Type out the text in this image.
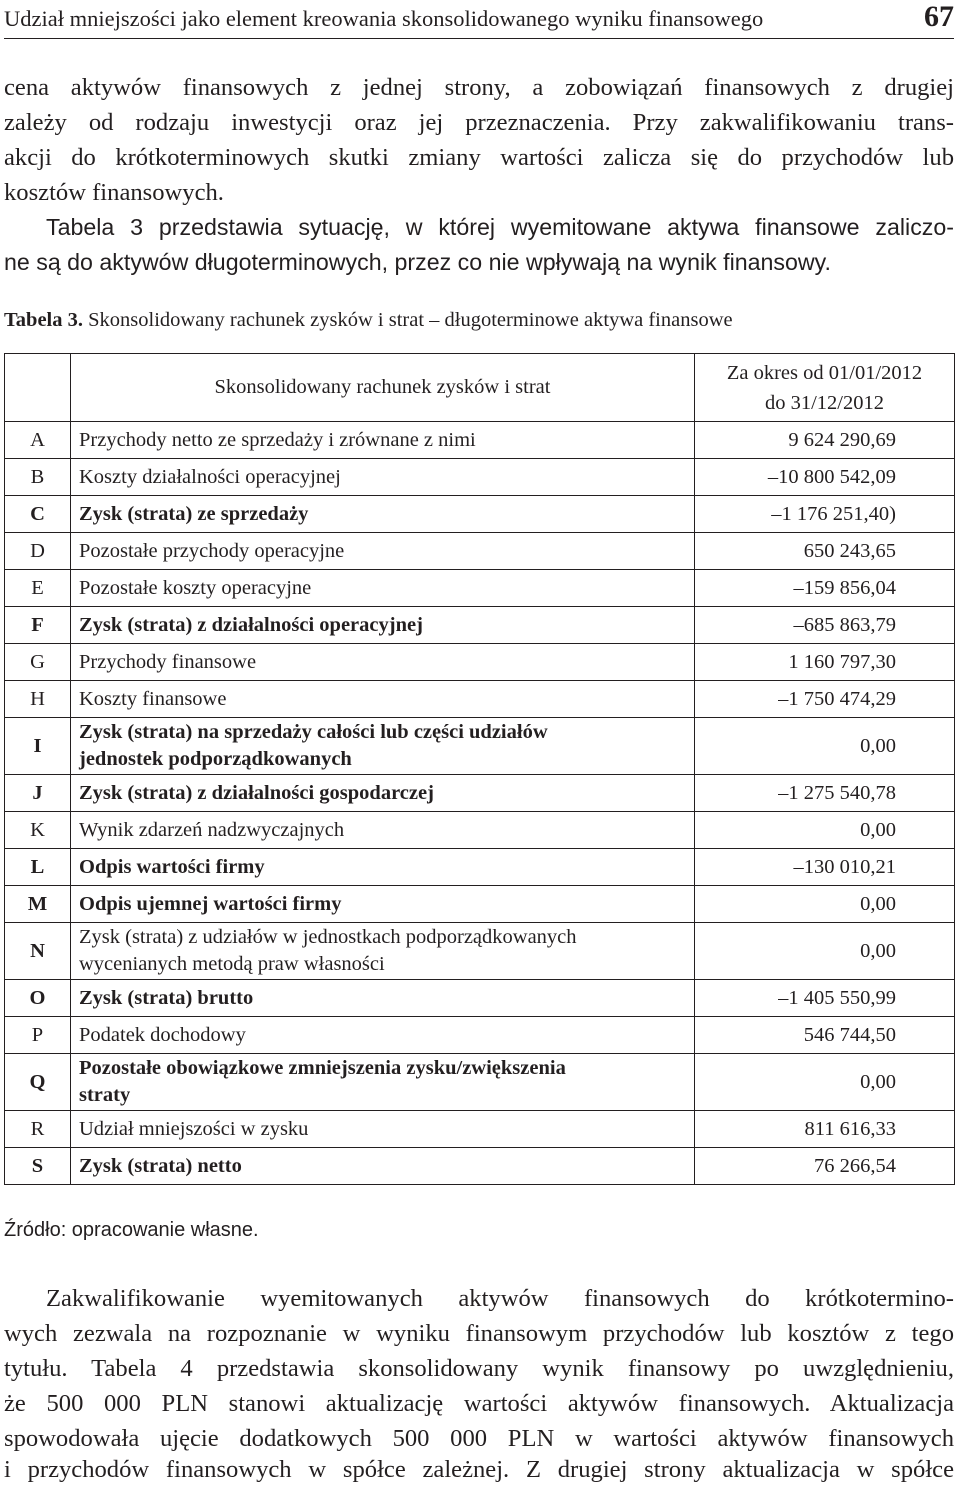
Udział mniejszości jako element kreowania skonsolidowanego wyniku finansowego	67
cena aktywów finansowych z jednej strony, a zobowiązań finansowych z drugiej
zależy od rodzaju inwestycji oraz jej przeznaczenia. Przy zakwalifikowaniu trans-
akcji do krótkoterminowych skutki zmiany wartości zalicza się do przychodów lub
kosztów finansowych.
Tabela 3 przedstawia sytuację, w której wyemitowane aktywa finansowe zaliczo-
ne są do aktywów długoterminowych, przez co nie wpływają na wynik finansowy.
Tabela 3. Skonsolidowany rachunek zysków i strat – długoterminowe aktywa finansowe
	Skonsolidowany rachunek zysków i strat	Za okres od 01/01/2012
do 31/12/2012

A	Przychody netto ze sprzedaży i zrównane z nimi	9 624 290,69
B	Koszty działalności operacyjnej	–10 800 542,09
C	Zysk (strata) ze sprzedaży	–1 176 251,40)
D	Pozostałe przychody operacyjne	650 243,65
E	Pozostałe koszty operacyjne	–159 856,04
F	Zysk (strata) z działalności operacyjnej	–685 863,79
G	Przychody finansowe	1 160 797,30
H	Koszty finansowe	–1 750 474,29
I	Zysk (strata) na sprzedaży całości lub części udziałów
jednostek podporządkowanych	0,00
J	Zysk (strata) z działalności gospodarczej	–1 275 540,78
K	Wynik zdarzeń nadzwyczajnych	0,00
L	Odpis wartości firmy	–130 010,21
M	Odpis ujemnej wartości firmy	0,00
N	Zysk (strata) z udziałów w jednostkach podporządkowanych
wycenianych metodą praw własności	0,00
O	Zysk (strata) brutto	–1 405 550,99
P	Podatek dochodowy	546 744,50
Q	Pozostałe obowiązkowe zmniejszenia zysku/zwiększenia
straty	0,00
R	Udział mniejszości w zysku	811 616,33
S	Zysk (strata) netto	76 266,54
Źródło: opracowanie własne.
Zakwalifikowanie wyemitowanych aktywów finansowych do krótkotermino-
wych zezwala na rozpoznanie w wyniku finansowym przychodów lub kosztów z tego
tytułu. Tabela 4 przedstawia skonsolidowany wynik finansowy po uwzględnieniu,
że 500 000 PLN stanowi aktualizację wartości aktywów finansowych. Aktualizacja
spowodowała ujęcie dodatkowych 500 000 PLN w wartości aktywów finansowych
i przychodów finansowych w spółce zależnej. Z drugiej strony aktualizacja w spółce
